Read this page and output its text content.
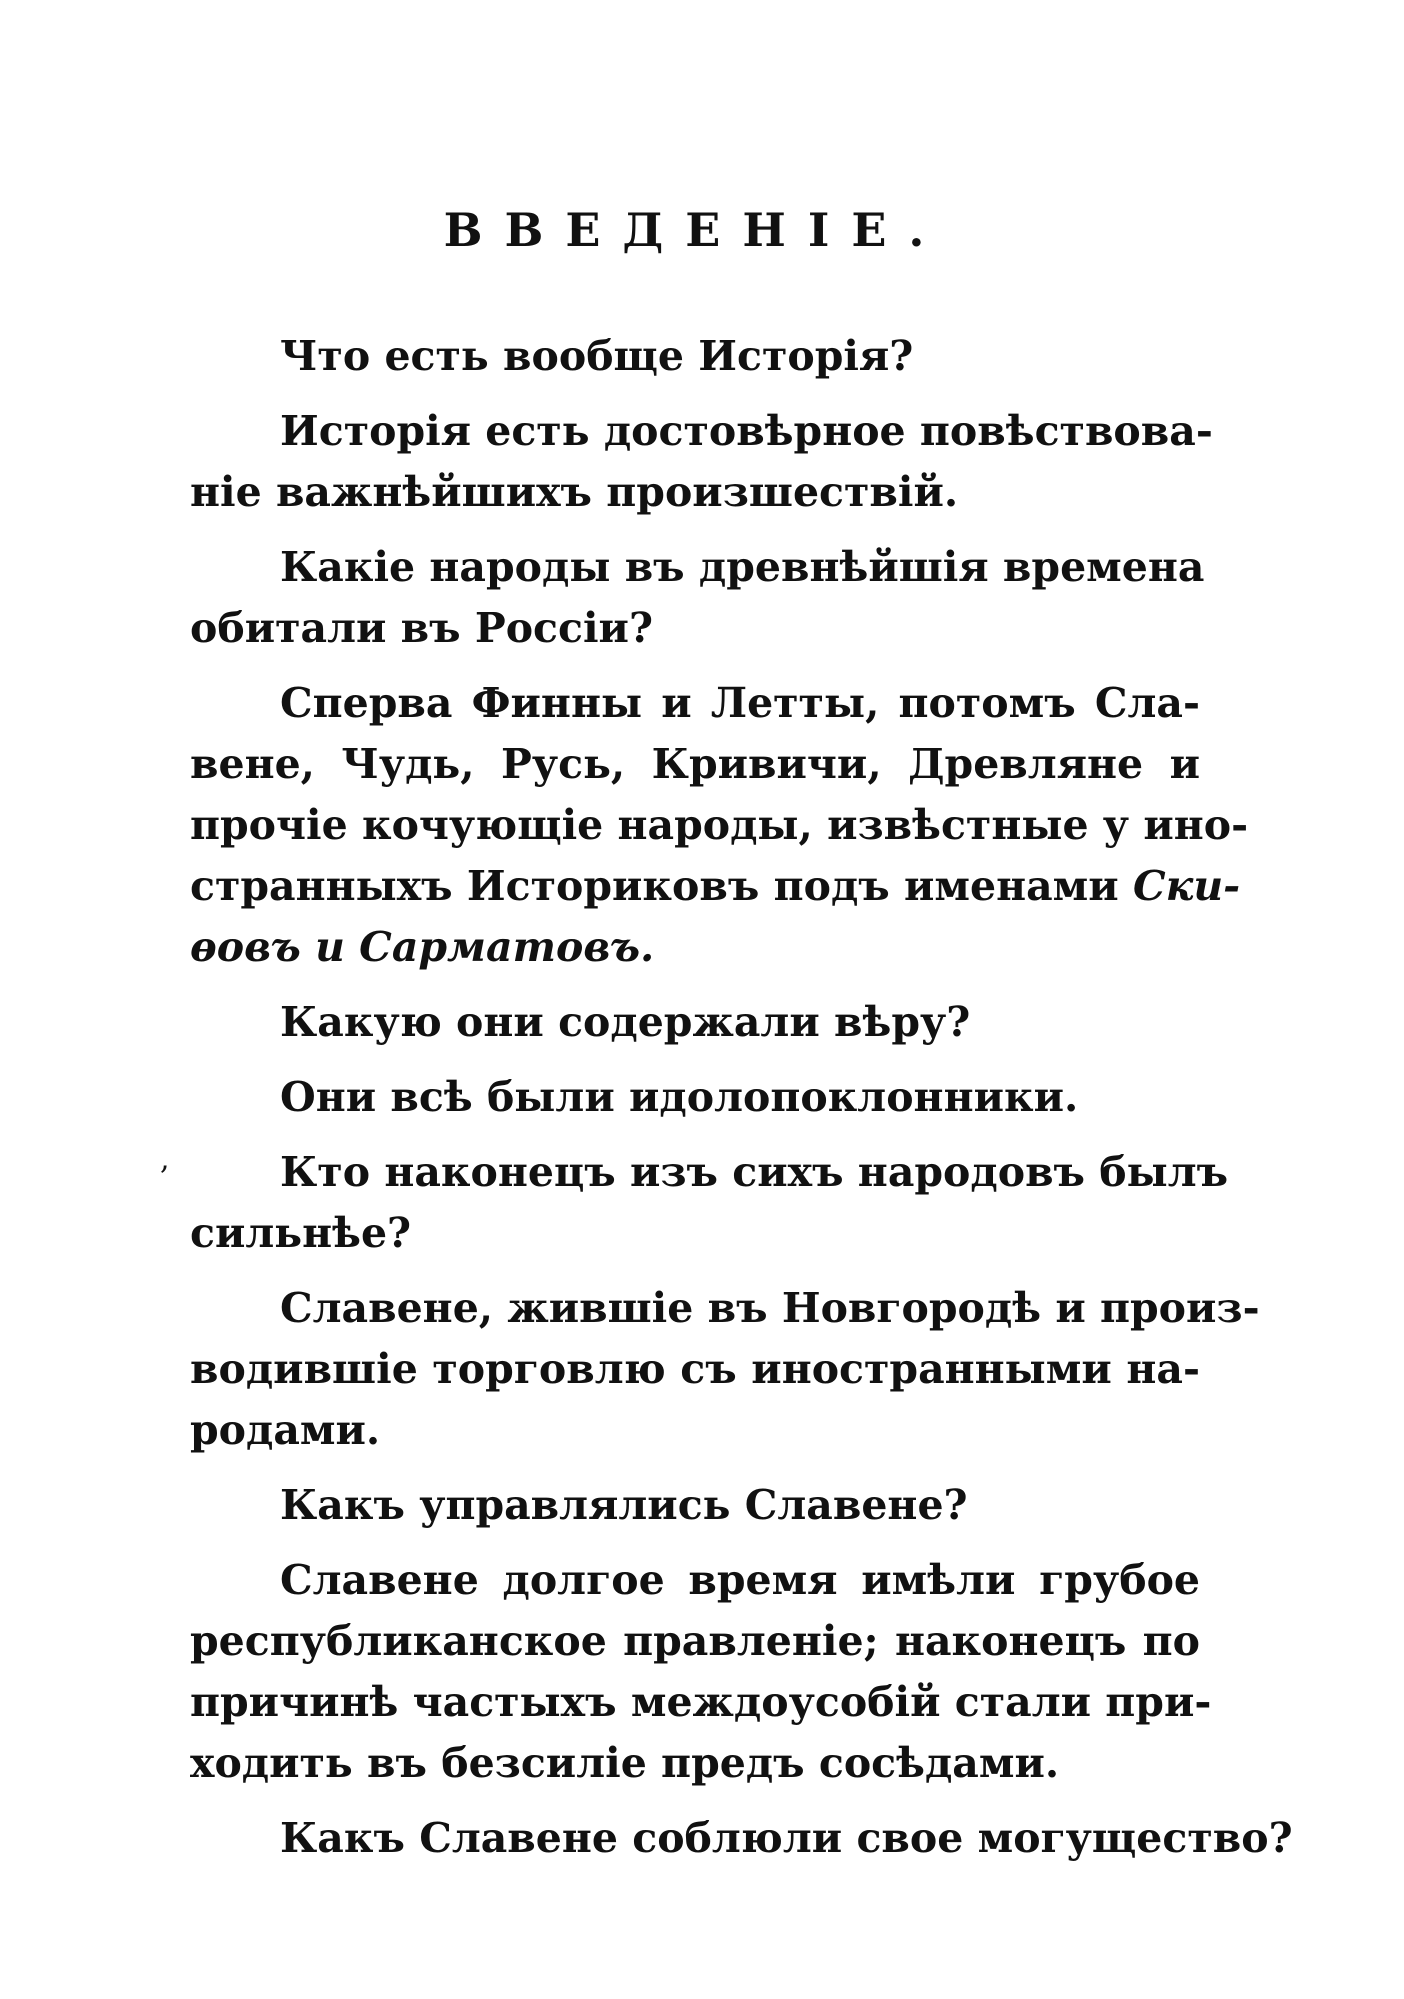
ВВЕДЕНІЕ.
Что есть вообще Исторія?
Исторія есть достовѣрное повѣствова-
ніе важнѣйшихъ произшествій.
Какіе народы въ древнѣйшія времена
обитали въ Россіи?
Сперва Финны и Летты, потомъ Сла-
вене, Чудь, Русь, Кривичи, Древляне и
прочіе кочующіе народы, извѣстные у ино-
странныхъ Историковъ подъ именами Ски-
ѳовъ и Сарматовъ.
Какую они содержали вѣру?
Они всѣ были идолопоклонники.
,	Кто наконецъ изъ сихъ народовъ былъ
сильнѣе?
Славене, жившіе въ Новгородѣ и произ-
водившіе торговлю съ иностранными на-
родами.
Какъ управлялись Славене?
Славене долгое время имѣли грубое
республиканское правленіе; наконецъ по
причинѣ частыхъ междоусобій стали при-
ходить въ безсиліе предъ сосѣдами.
Какъ Славене соблюли свое могущество?
